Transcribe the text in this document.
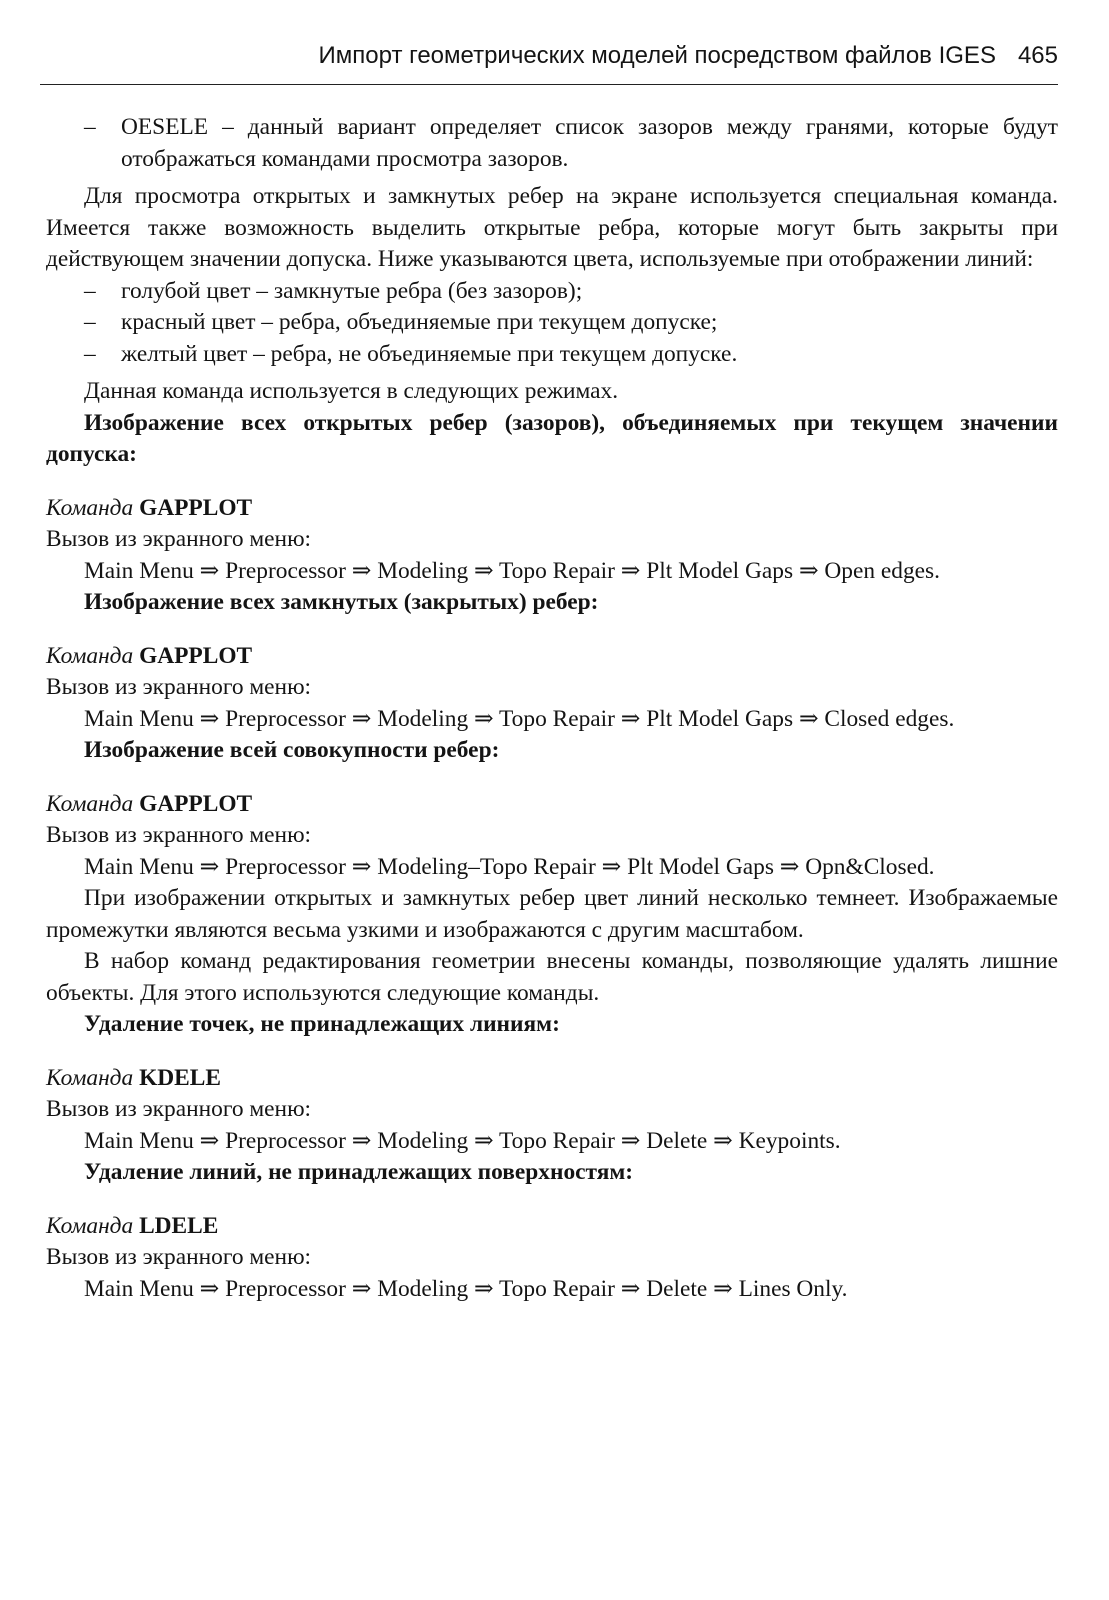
Импорт геометрических моделей посредством файлов IGES 465
– OESELE – данный вариант определяет список зазоров между гранями, которые будут отображаться командами просмотра зазоров.

Для просмотра открытых и замкнутых ребер на экране используется специальная команда. Имеется также возможность выделить открытые ребра, которые могут быть закрыты при действующем значении допуска. Ниже указываются цвета, используемые при отображении линий:

– голубой цвет – замкнутые ребра (без зазоров);
– красный цвет – ребра, объединяемые при текущем допуске;
– желтый цвет – ребра, не объединяемые при текущем допуске.

Данная команда используется в следующих режимах.

Изображение всех открытых ребер (зазоров), объединяемых при текущем значении допуска:

Команда GAPPLOT

Вызов из экранного меню:

Main Menu ⇒ Preprocessor ⇒ Modeling ⇒ Topo Repair ⇒ Plt Model Gaps ⇒ Open edges.

Изображение всех замкнутых (закрытых) ребер:

Команда GAPPLOT

Вызов из экранного меню:

Main Menu ⇒ Preprocessor ⇒ Modeling ⇒ Topo Repair ⇒ Plt Model Gaps ⇒ Closed edges.

Изображение всей совокупности ребер:

Команда GAPPLOT

Вызов из экранного меню:

Main Menu ⇒ Preprocessor ⇒ Modeling–Topo Repair ⇒ Plt Model Gaps ⇒ Opn&Closed.

При изображении открытых и замкнутых ребер цвет линий несколько темнеет. Изображаемые промежутки являются весьма узкими и изображаются с другим масштабом.

В набор команд редактирования геометрии внесены команды, позволяющие удалять лишние объекты. Для этого используются следующие команды.

Удаление точек, не принадлежащих линиям:

Команда KDELE

Вызов из экранного меню:

Main Menu ⇒ Preprocessor ⇒ Modeling ⇒ Topo Repair ⇒ Delete ⇒ Keypoints.

Удаление линий, не принадлежащих поверхностям:

Команда LDELE

Вызов из экранного меню:

Main Menu ⇒ Preprocessor ⇒ Modeling ⇒ Topo Repair ⇒ Delete ⇒ Lines Only.
